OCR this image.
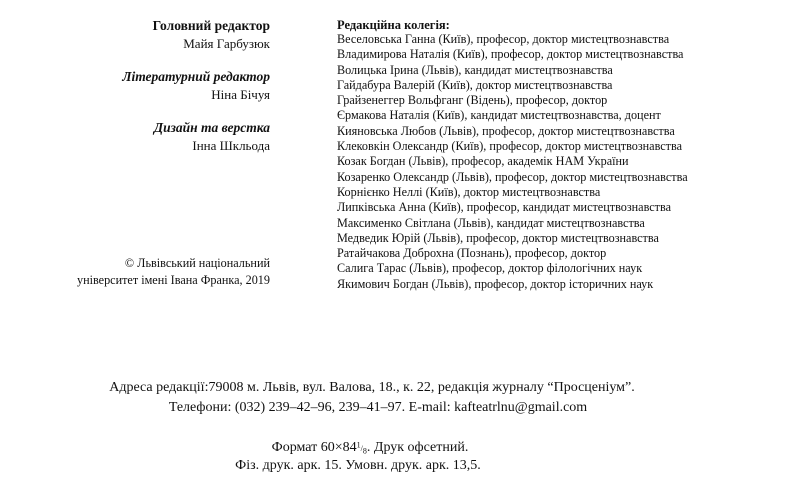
Головний редактор
Майя Гарбузюк
Літературний редактор
Ніна Бічуя
Дизайн та верстка
Інна Шкльода
© Львівський національний
університет імені Івана Франка, 2019
Редакційна колегія:
Веселовська Ганна (Київ), професор, доктор мистецтвознавства
Владимирова Наталія (Київ), професор, доктор мистецтвознавства
Волицька Ірина (Львів), кандидат мистецтвознавства
Гайдабура Валерій (Київ), доктор мистецтвознавства
Грайзенеггер Вольфганг (Відень), професор, доктор
Єрмакова Наталія (Київ), кандидат мистецтвознавства, доцент
Кияновська Любов (Львів), професор, доктор мистецтвознавства
Клековкін Олександр (Київ), професор, доктор мистецтвознавства
Козак Богдан (Львів), професор, академік НАМ України
Козаренко Олександр (Львів), професор, доктор мистецтвознавства
Корнієнко Неллі (Київ), доктор мистецтвознавства
Липківська Анна (Київ), професор, кандидат мистецтвознавства
Максименко Світлана (Львів), кандидат мистецтвознавства
Медведик Юрій (Львів), професор, доктор мистецтвознавства
Ратайчакова Доброхна (Познань), професор, доктор
Салига Тарас (Львів), професор, доктор філологічних наук
Якимович Богдан (Львів), професор, доктор історичних наук
Адреса редакції:79008 м. Львів, вул. Валова, 18., к. 22, редакція журналу “Просценіум”.
Телефони: (032) 239–42–96, 239–41–97. E-mail: kafteatrlnu@gmail.com
Формат 60×841/8. Друк офсетний.
Фіз. друк. арк. 15. Умовн. друк. арк. 13,5.
